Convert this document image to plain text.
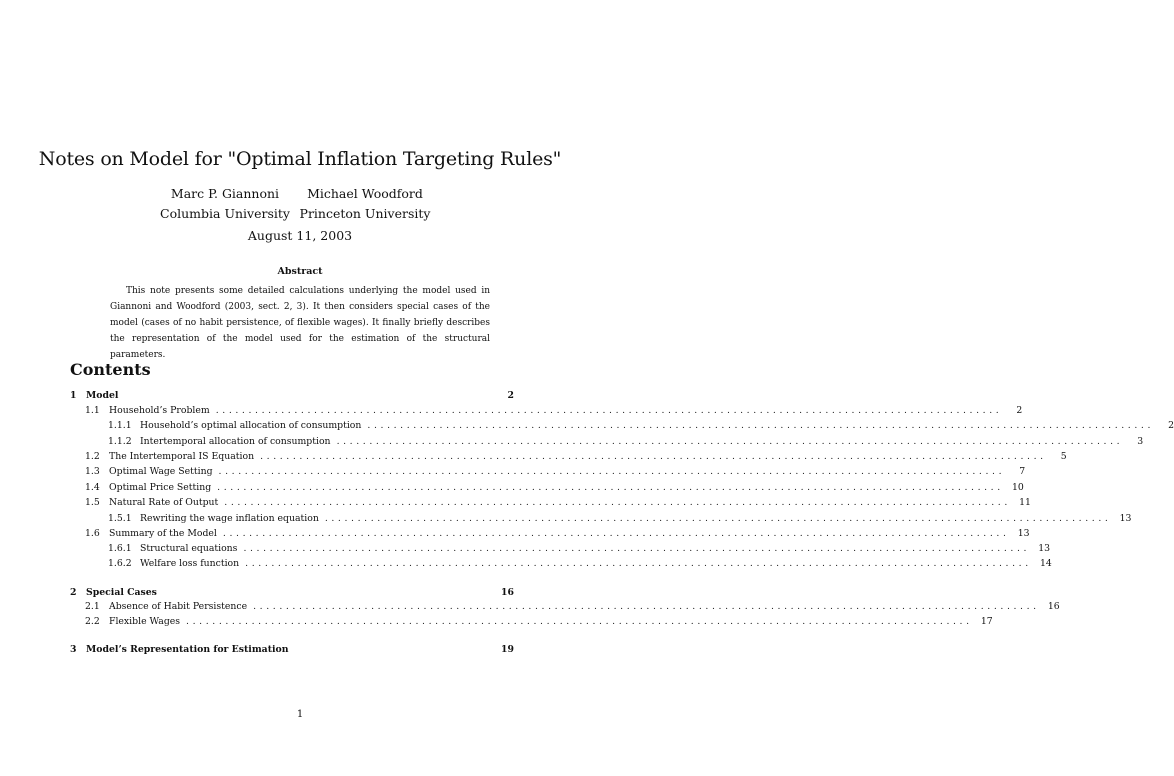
Notes on Model for "Optimal Inflation Targeting Rules"
Marc P. Giannoni
Columbia University
Michael Woodford
Princeton University
August 11, 2003
Abstract
This note presents some detailed calculations underlying the model used in Giannoni and Woodford (2003, sect. 2, 3). It then considers special cases of the model (cases of no habit persistence, of flexible wages). It finally briefly describes the representation of the model used for the estimation of the structural parameters.
Contents
1	Model	2
1.1 Household’s Problem ........................................................................................................................	2
1.1.1 Household’s optimal allocation of consumption ........................................................................................................................	2
1.1.2 Intertemporal allocation of consumption ........................................................................................................................	3
1.2 The Intertemporal IS Equation ........................................................................................................................	5
1.3 Optimal Wage Setting ........................................................................................................................	7
1.4 Optimal Price Setting ........................................................................................................................ 10
1.5 Natural Rate of Output ........................................................................................................................ 11
1.5.1 Rewriting the wage inflation equation ........................................................................................................................ 13
1.6 Summary of the Model ........................................................................................................................ 13
1.6.1 Structural equations ........................................................................................................................ 13
1.6.2 Welfare loss function ........................................................................................................................ 14
2	Special Cases	16
2.1 Absence of Habit Persistence ........................................................................................................................ 16
2.2 Flexible Wages ........................................................................................................................ 17
3	Model’s Representation for Estimation	19
1
